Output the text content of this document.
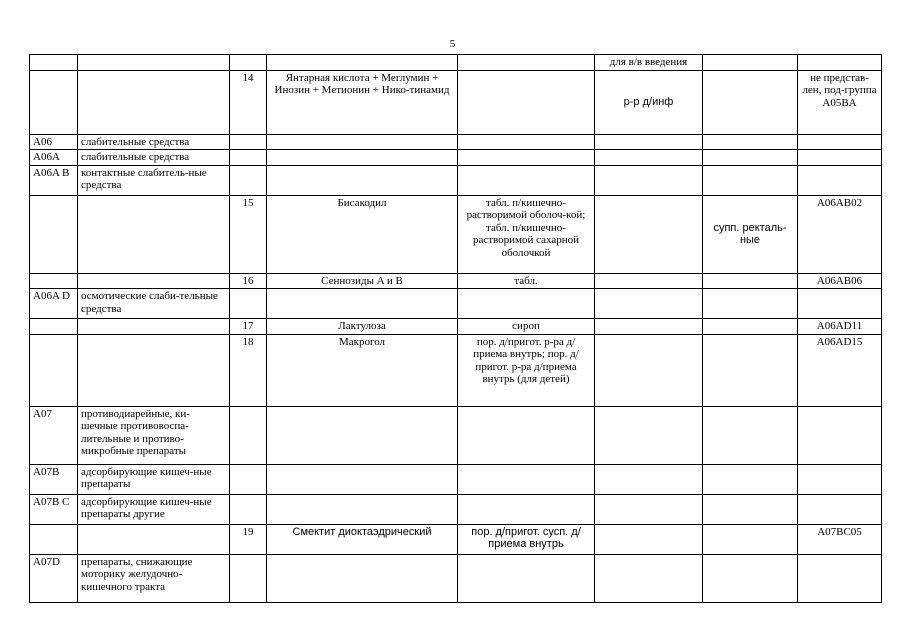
5
					для в/в введения		
		14	Янтарная кислота + Меглумин + Инозин + Метионин + Нико-тинамид		р-р д/инф		не представ-лен, под-группа A05BA
A06	слабительные средства						
A06A	слабительные средства						
A06A B	контактные слабитель-ные средства						
		15	Бисакодил	табл. п/кишечно-растворимой оболоч-кой; табл. п/кишечно-растворимой сахарной оболочкой		супп. ректаль-ные	A06AB02
		16	Сеннозиды A и B	табл.			A06AB06
A06A D	осмотические слаби-тельные средства						
		17	Лактулоза	сироп			A06AD11
		18	Макрогол	пор. д/пригот. р-ра д/приема внутрь; пор. д/пригот. р-ра д/приема внутрь (для детей)			A06AD15
A07	противодиарейные, ки-шечные противовоспа-лительные и противо-микробные препараты						
A07B	адсорбирующие кишеч-ные препараты						
A07B C	адсорбирующие кишеч-ные препараты другие						
		19	Смектит диоктаэдрический	пор. д/пригот. сусп. д/приема внутрь			A07BC05
A07D	препараты, снижающие моторику желудочно-кишечного тракта						
